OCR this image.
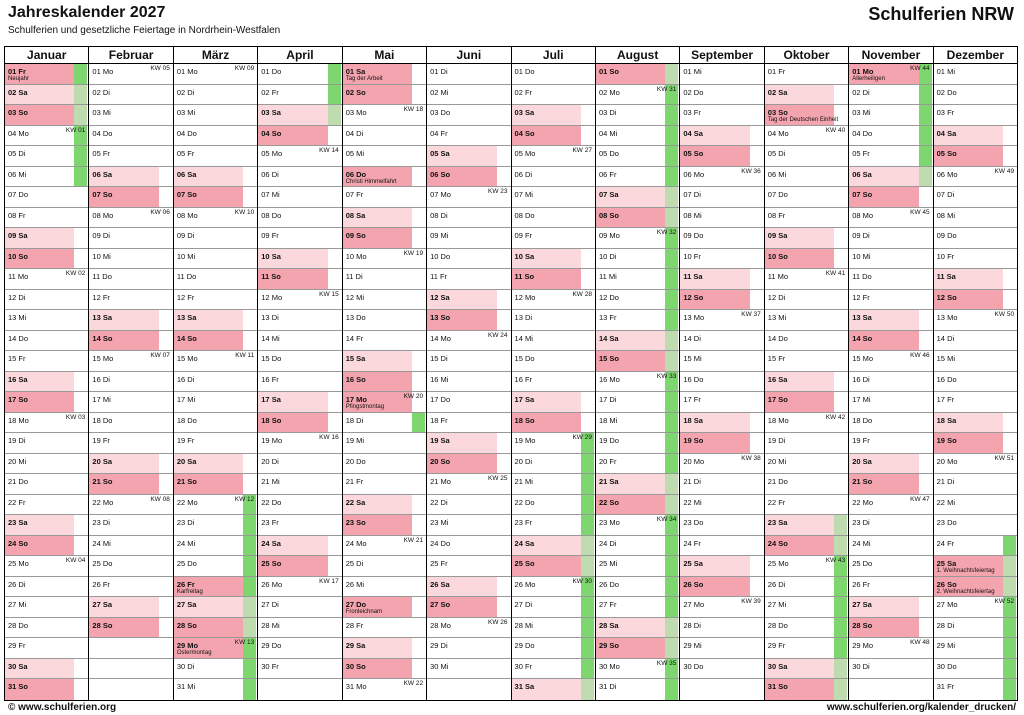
Jahreskalender 2027
Schulferien und gesetzliche Feiertage in Nordrhein-Westfalen
Schulferien NRW
Januar
01 Fr
Neujahr
02 Sa
03 So
04 Mo	KW 01
05 Di
06 Mi
07 Do
08 Fr
09 Sa
10 So
11 Mo	KW 02
12 Di
13 Mi
14 Do
15 Fr
16 Sa
17 So
18 Mo	KW 03
19 Di
20 Mi
21 Do
22 Fr
23 Sa
24 So
25 Mo	KW 04
26 Di
27 Mi
28 Do
29 Fr
30 Sa
31 So
Februar
01 Mo	KW 05
02 Di
03 Mi
04 Do
05 Fr
06 Sa
07 So
08 Mo	KW 06
09 Di
10 Mi
11 Do
12 Fr
13 Sa
14 So
15 Mo	KW 07
16 Di
17 Mi
18 Do
19 Fr
20 Sa
21 So
22 Mo	KW 08
23 Di
24 Mi
25 Do
26 Fr
27 Sa
28 So
März
01 Mo	KW 09
02 Di
03 Mi
04 Do
05 Fr
06 Sa
07 So
08 Mo	KW 10
09 Di
10 Mi
11 Do
12 Fr
13 Sa
14 So
15 Mo	KW 11
16 Di
17 Mi
18 Do
19 Fr
20 Sa
21 So
22 Mo	KW 12
23 Di
24 Mi
25 Do
26 Fr
Karfreitag
27 Sa
28 So
29 Mo	KW 13
Ostermontag
30 Di
31 Mi
April
01 Do
02 Fr
03 Sa
04 So
05 Mo	KW 14
06 Di
07 Mi
08 Do
09 Fr
10 Sa
11 So
12 Mo	KW 15
13 Di
14 Mi
15 Do
16 Fr
17 Sa
18 So
19 Mo	KW 16
20 Di
21 Mi
22 Do
23 Fr
24 Sa
25 So
26 Mo	KW 17
27 Di
28 Mi
29 Do
30 Fr
Mai
01 Sa
Tag der Arbeit
02 So
03 Mo	KW 18
04 Di
05 Mi
06 Do
Christi Himmelfahrt
07 Fr
08 Sa
09 So
10 Mo	KW 19
11 Di
12 Mi
13 Do
14 Fr
15 Sa
16 So
17 Mo	KW 20
Pfingstmontag
18 Di
19 Mi
20 Do
21 Fr
22 Sa
23 So
24 Mo	KW 21
25 Di
26 Mi
27 Do
Fronleichnam
28 Fr
29 Sa
30 So
31 Mo	KW 22
Juni
01 Di
02 Mi
03 Do
04 Fr
05 Sa
06 So
07 Mo	KW 23
08 Di
09 Mi
10 Do
11 Fr
12 Sa
13 So
14 Mo	KW 24
15 Di
16 Mi
17 Do
18 Fr
19 Sa
20 So
21 Mo	KW 25
22 Di
23 Mi
24 Do
25 Fr
26 Sa
27 So
28 Mo	KW 26
29 Di
30 Mi
Juli
01 Do
02 Fr
03 Sa
04 So
05 Mo	KW 27
06 Di
07 Mi
08 Do
09 Fr
10 Sa
11 So
12 Mo	KW 28
13 Di
14 Mi
15 Do
16 Fr
17 Sa
18 So
19 Mo	KW 29
20 Di
21 Mi
22 Do
23 Fr
24 Sa
25 So
26 Mo	KW 30
27 Di
28 Mi
29 Do
30 Fr
31 Sa
August
01 So
02 Mo	KW 31
03 Di
04 Mi
05 Do
06 Fr
07 Sa
08 So
09 Mo	KW 32
10 Di
11 Mi
12 Do
13 Fr
14 Sa
15 So
16 Mo	KW 33
17 Di
18 Mi
19 Do
20 Fr
21 Sa
22 So
23 Mo	KW 34
24 Di
25 Mi
26 Do
27 Fr
28 Sa
29 So
30 Mo	KW 35
31 Di
September
01 Mi
02 Do
03 Fr
04 Sa
05 So
06 Mo	KW 36
07 Di
08 Mi
09 Do
10 Fr
11 Sa
12 So
13 Mo	KW 37
14 Di
15 Mi
16 Do
17 Fr
18 Sa
19 So
20 Mo	KW 38
21 Di
22 Mi
23 Do
24 Fr
25 Sa
26 So
27 Mo	KW 39
28 Di
29 Mi
30 Do
Oktober
01 Fr
02 Sa
03 So
Tag der Deutschen Einheit
04 Mo	KW 40
05 Di
06 Mi
07 Do
08 Fr
09 Sa
10 So
11 Mo	KW 41
12 Di
13 Mi
14 Do
15 Fr
16 Sa
17 So
18 Mo	KW 42
19 Di
20 Mi
21 Do
22 Fr
23 Sa
24 So
25 Mo	KW 43
26 Di
27 Mi
28 Do
29 Fr
30 Sa
31 So
November
01 Mo	KW 44
Allerheiligen
02 Di
03 Mi
04 Do
05 Fr
06 Sa
07 So
08 Mo	KW 45
09 Di
10 Mi
11 Do
12 Fr
13 Sa
14 So
15 Mo	KW 46
16 Di
17 Mi
18 Do
19 Fr
20 Sa
21 So
22 Mo	KW 47
23 Di
24 Mi
25 Do
26 Fr
27 Sa
28 So
29 Mo	KW 48
30 Di
Dezember
01 Mi
02 Do
03 Fr
04 Sa
05 So
06 Mo	KW 49
07 Di
08 Mi
09 Do
10 Fr
11 Sa
12 So
13 Mo	KW 50
14 Di
15 Mi
16 Do
17 Fr
18 Sa
19 So
20 Mo	KW 51
21 Di
22 Mi
23 Do
24 Fr
25 Sa
1. Weihnachtsfeiertag
26 So
2. Weihnachtsfeiertag
27 Mo	KW 52
28 Di
29 Mi
30 Do
31 Fr
© www.schulferien.org	www.schulferien.org/kalender_drucken/
